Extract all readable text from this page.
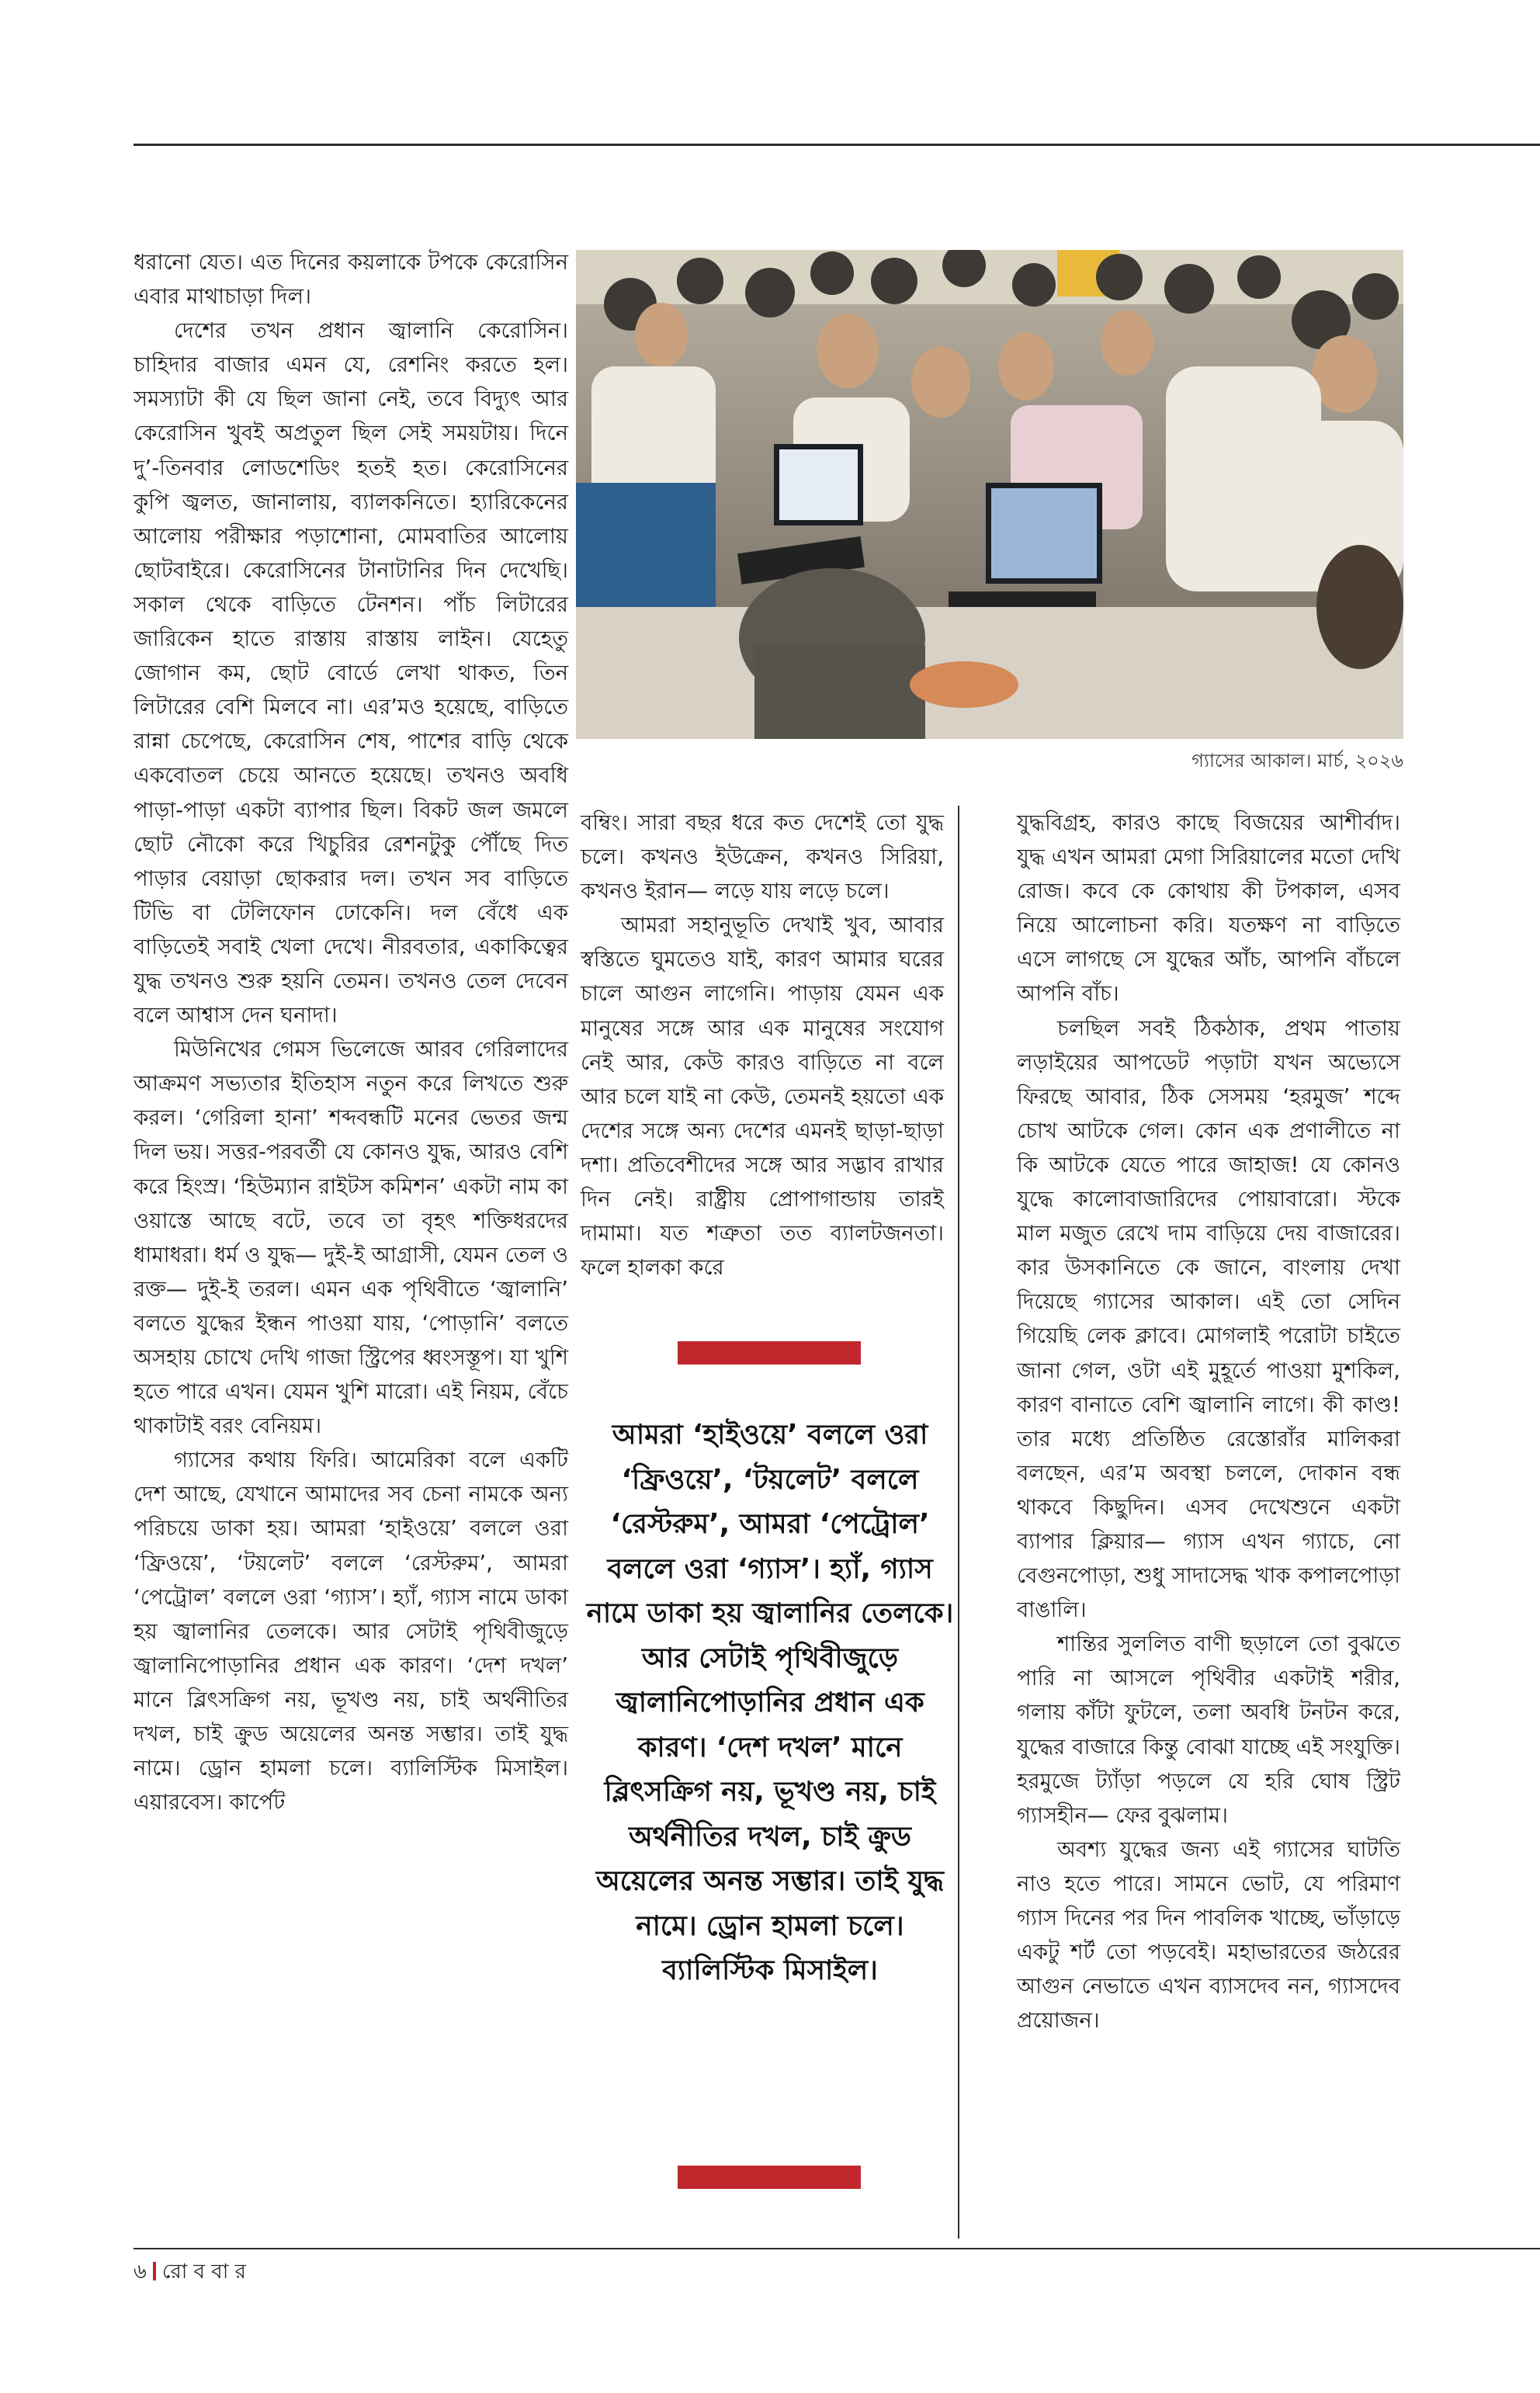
ধরানো যেত। এত দিনের কয়লাকে টপকে কেরোসিন এবার মাথাচাড়া দিল।

দেশের তখন প্রধান জ্বালানি কেরোসিন। চাহিদার বাজার এমন যে, রেশনিং করতে হল। সমস্যাটা কী যে ছিল জানা নেই, তবে বিদ্যুৎ আর কেরোসিন খুবই অপ্রতুল ছিল সেই সময়টায়। দিনে দু’-তিনবার লোডশেডিং হতই হত। কেরোসিনের কুপি জ্বলত, জানালায়, ব্যালকনিতে। হ্যারিকেনের আলোয় পরীক্ষার পড়াশোনা, মোমবাতির আলোয় ছোটবাইরে। কেরোসিনের টানাটানির দিন দেখেছি। সকাল থেকে বাড়িতে টেনশন। পাঁচ লিটারের জারিকেন হাতে রাস্তায় রাস্তায় লাইন। যেহেতু জোগান কম, ছোট বোর্ডে লেখা থাকত, তিন লিটারের বেশি মিলবে না। এর’মও হয়েছে, বাড়িতে রান্না চেপেছে, কেরোসিন শেষ, পাশের বাড়ি থেকে একবোতল চেয়ে আনতে হয়েছে। তখনও অবধি পাড়া-পাড়া একটা ব্যাপার ছিল। বিকট জল জমলে ছোট নৌকো করে খিচুরির রেশনটুকু পৌঁছে দিত পাড়ার বেয়াড়া ছোকরার দল। তখন সব বাড়িতে টিভি বা টেলিফোন ঢোকেনি। দল বেঁধে এক বাড়িতেই সবাই খেলা দেখে। নীরবতার, একাকিত্বের যুদ্ধ তখনও শুরু হয়নি তেমন। তখনও তেল দেবেন বলে আশ্বাস দেন ঘনাদা।

মিউনিখের গেমস ভিলেজে আরব গেরিলাদের আক্রমণ সভ্যতার ইতিহাস নতুন করে লিখতে শুরু করল। ‘গেরিলা হানা’ শব্দবন্ধটি মনের ভেতর জন্ম দিল ভয়। সত্তর-পরবর্তী যে কোনও যুদ্ধ, আরও বেশি করে হিংস্র। ‘হিউম্যান রাইটস কমিশন’ একটা নাম কা ওয়াস্তে আছে বটে, তবে তা বৃহৎ শক্তিধরদের ধামাধরা। ধর্ম ও যুদ্ধ— দুই-ই আগ্রাসী, যেমন তেল ও রক্ত— দুই-ই তরল। এমন এক পৃথিবীতে ‘জ্বালানি’ বলতে যুদ্ধের ইন্ধন পাওয়া যায়, ‘পোড়ানি’ বলতে অসহায় চোখে দেখি গাজা স্ট্রিপের ধ্বংসস্তূপ। যা খুশি হতে পারে এখন। যেমন খুশি মারো। এই নিয়ম, বেঁচে থাকাটাই বরং বেনিয়ম।

গ্যাসের কথায় ফিরি। আমেরিকা বলে একটি দেশ আছে, যেখানে আমাদের সব চেনা নামকে অন্য পরিচয়ে ডাকা হয়। আমরা ‘হাইওয়ে’ বললে ওরা ‘ফ্রিওয়ে’, ‘টয়লেট’ বললে ‘রেস্টরুম’, আমরা ‘পেট্রোল’ বললে ওরা ‘গ্যাস’। হ্যাঁ, গ্যাস নামে ডাকা হয় জ্বালানির তেলকে। আর সেটাই পৃথিবীজুড়ে জ্বালানিপোড়ানির প্রধান এক কারণ। ‘দেশ দখল’ মানে ব্লিৎসক্রিগ নয়, ভূখণ্ড নয়, চাই অর্থনীতির দখল, চাই ক্রুড অয়েলের অনন্ত সম্ভার। তাই যুদ্ধ নামে। ড্রোন হামলা চলে। ব্যালিস্টিক মিসাইল। এয়ারবেস। কার্পেট

গ্যাসের আকাল। মার্চ, ২০২৬

বম্বিং। সারা বছর ধরে কত দেশেই তো যুদ্ধ চলে। কখনও ইউক্রেন, কখনও সিরিয়া, কখনও ইরান— লড়ে যায় লড়ে চলে।

আমরা সহানুভূতি দেখাই খুব, আবার স্বস্তিতে ঘুমতেও যাই, কারণ আমার ঘরের চালে আগুন লাগেনি। পাড়ায় যেমন এক মানুষের সঙ্গে আর এক মানুষের সংযোগ নেই আর, কেউ কারও বাড়িতে না বলে আর চলে যাই না কেউ, তেমনই হয়তো এক দেশের সঙ্গে অন্য দেশের এমনই ছাড়া-ছাড়া দশা। প্রতিবেশীদের সঙ্গে আর সদ্ভাব রাখার দিন নেই। রাষ্ট্রীয় প্রোপাগান্ডায় তারই দামামা। যত শত্রুতা তত ব্যালটজনতা। ফলে হালকা করে

আমরা ‘হাইওয়ে’ বললে ওরা ‘ফ্রিওয়ে’, ‘টয়লেট’ বললে ‘রেস্টরুম’, আমরা ‘পেট্রোল’ বললে ওরা ‘গ্যাস’। হ্যাঁ, গ্যাস নামে ডাকা হয় জ্বালানির তেলকে। আর সেটাই পৃথিবীজুড়ে জ্বালানিপোড়ানির প্রধান এক কারণ। ‘দেশ দখল’ মানে ব্লিৎসক্রিগ নয়, ভূখণ্ড নয়, চাই অর্থনীতির দখল, চাই ক্রুড অয়েলের অনন্ত সম্ভার। তাই যুদ্ধ নামে। ড্রোন হামলা চলে। ব্যালিস্টিক মিসাইল।

যুদ্ধবিগ্রহ, কারও কাছে বিজয়ের আশীর্বাদ। যুদ্ধ এখন আমরা মেগা সিরিয়ালের মতো দেখি রোজ। কবে কে কোথায় কী টপকাল, এসব নিয়ে আলোচনা করি। যতক্ষণ না বাড়িতে এসে লাগছে সে যুদ্ধের আঁচ, আপনি বাঁচলে আপনি বাঁচ।

চলছিল সবই ঠিকঠাক, প্রথম পাতায় লড়াইয়ের আপডেট পড়াটা যখন অভ্যেসে ফিরছে আবার, ঠিক সেসময় ‘হরমুজ’ শব্দে চোখ আটকে গেল। কোন এক প্রণালীতে না কি আটকে যেতে পারে জাহাজ! যে কোনও যুদ্ধে কালোবাজারিদের পোয়াবারো। স্টকে মাল মজুত রেখে দাম বাড়িয়ে দেয় বাজারের। কার উসকানিতে কে জানে, বাংলায় দেখা দিয়েছে গ্যাসের আকাল। এই তো সেদিন গিয়েছি লেক ক্লাবে। মোগলাই পরোটা চাইতে জানা গেল, ওটা এই মুহূর্তে পাওয়া মুশকিল, কারণ বানাতে বেশি জ্বালানি লাগে। কী কাণ্ড! তার মধ্যে প্রতিষ্ঠিত রেস্তোরাঁর মালিকরা বলছেন, এর’ম অবস্থা চললে, দোকান বন্ধ থাকবে কিছুদিন। এসব দেখেশুনে একটা ব্যাপার ক্লিয়ার— গ্যাস এখন গ্যাচে, নো বেগুনপোড়া, শুধু সাদাসেদ্ধ খাক কপালপোড়া বাঙালি।

শান্তির সুললিত বাণী ছড়ালে তো বুঝতে পারি না আসলে পৃথিবীর একটাই শরীর, গলায় কাঁটা ফুটলে, তলা অবধি টনটন করে, যুদ্ধের বাজারে কিন্তু বোঝা যাচ্ছে এই সংযুক্তি। হরমুজে ট্যাঁড়া পড়লে যে হরি ঘোষ স্ট্রিট গ্যাসহীন— ফের বুঝলাম।

অবশ্য যুদ্ধের জন্য এই গ্যাসের ঘাটতি নাও হতে পারে। সামনে ভোট, যে পরিমাণ গ্যাস দিনের পর দিন পাবলিক খাচ্ছে, ভাঁড়াড়ে একটু শর্ট তো পড়বেই। মহাভারতের জঠরের আগুন নেভাতে এখন ব্যাসদেব নন, গ্যাসদেব প্রয়োজন।

৬ রো ব বা র
